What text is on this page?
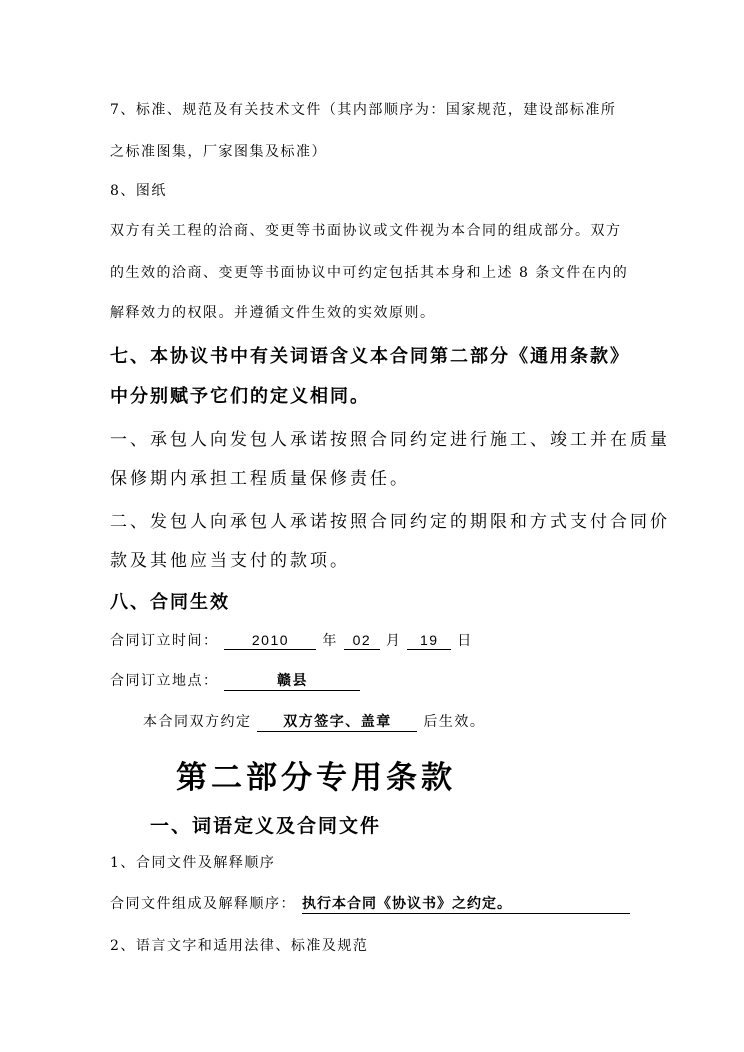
7、标准、规范及有关技术文件（其内部顺序为：国家规范，建设部标准所
之标准图集，厂家图集及标准）
8、图纸
双方有关工程的洽商、变更等书面协议或文件视为本合同的组成部分。双方
的生效的洽商、变更等书面协议中可约定包括其本身和上述 8 条文件在内的
解释效力的权限。并遵循文件生效的实效原则。
七、本协议书中有关词语含义本合同第二部分《通用条款》
中分别赋予它们的定义相同。
一、承包人向发包人承诺按照合同约定进行施工、竣工并在质量
保修期内承担工程质量保修责任。
二、发包人向承包人承诺按照合同约定的期限和方式支付合同价
款及其他应当支付的款项。
八、合同生效
合同订立时间： 2010 年 02 月 19 日
合同订立地点：	赣县
本合同双方约定 双方签字、盖章 后生效。
第二部分专用条款
一、词语定义及合同文件
1、合同文件及解释顺序
合同文件组成及解释顺序： 执行本合同《协议书》之约定。
2、语言文字和适用法律、标准及规范
